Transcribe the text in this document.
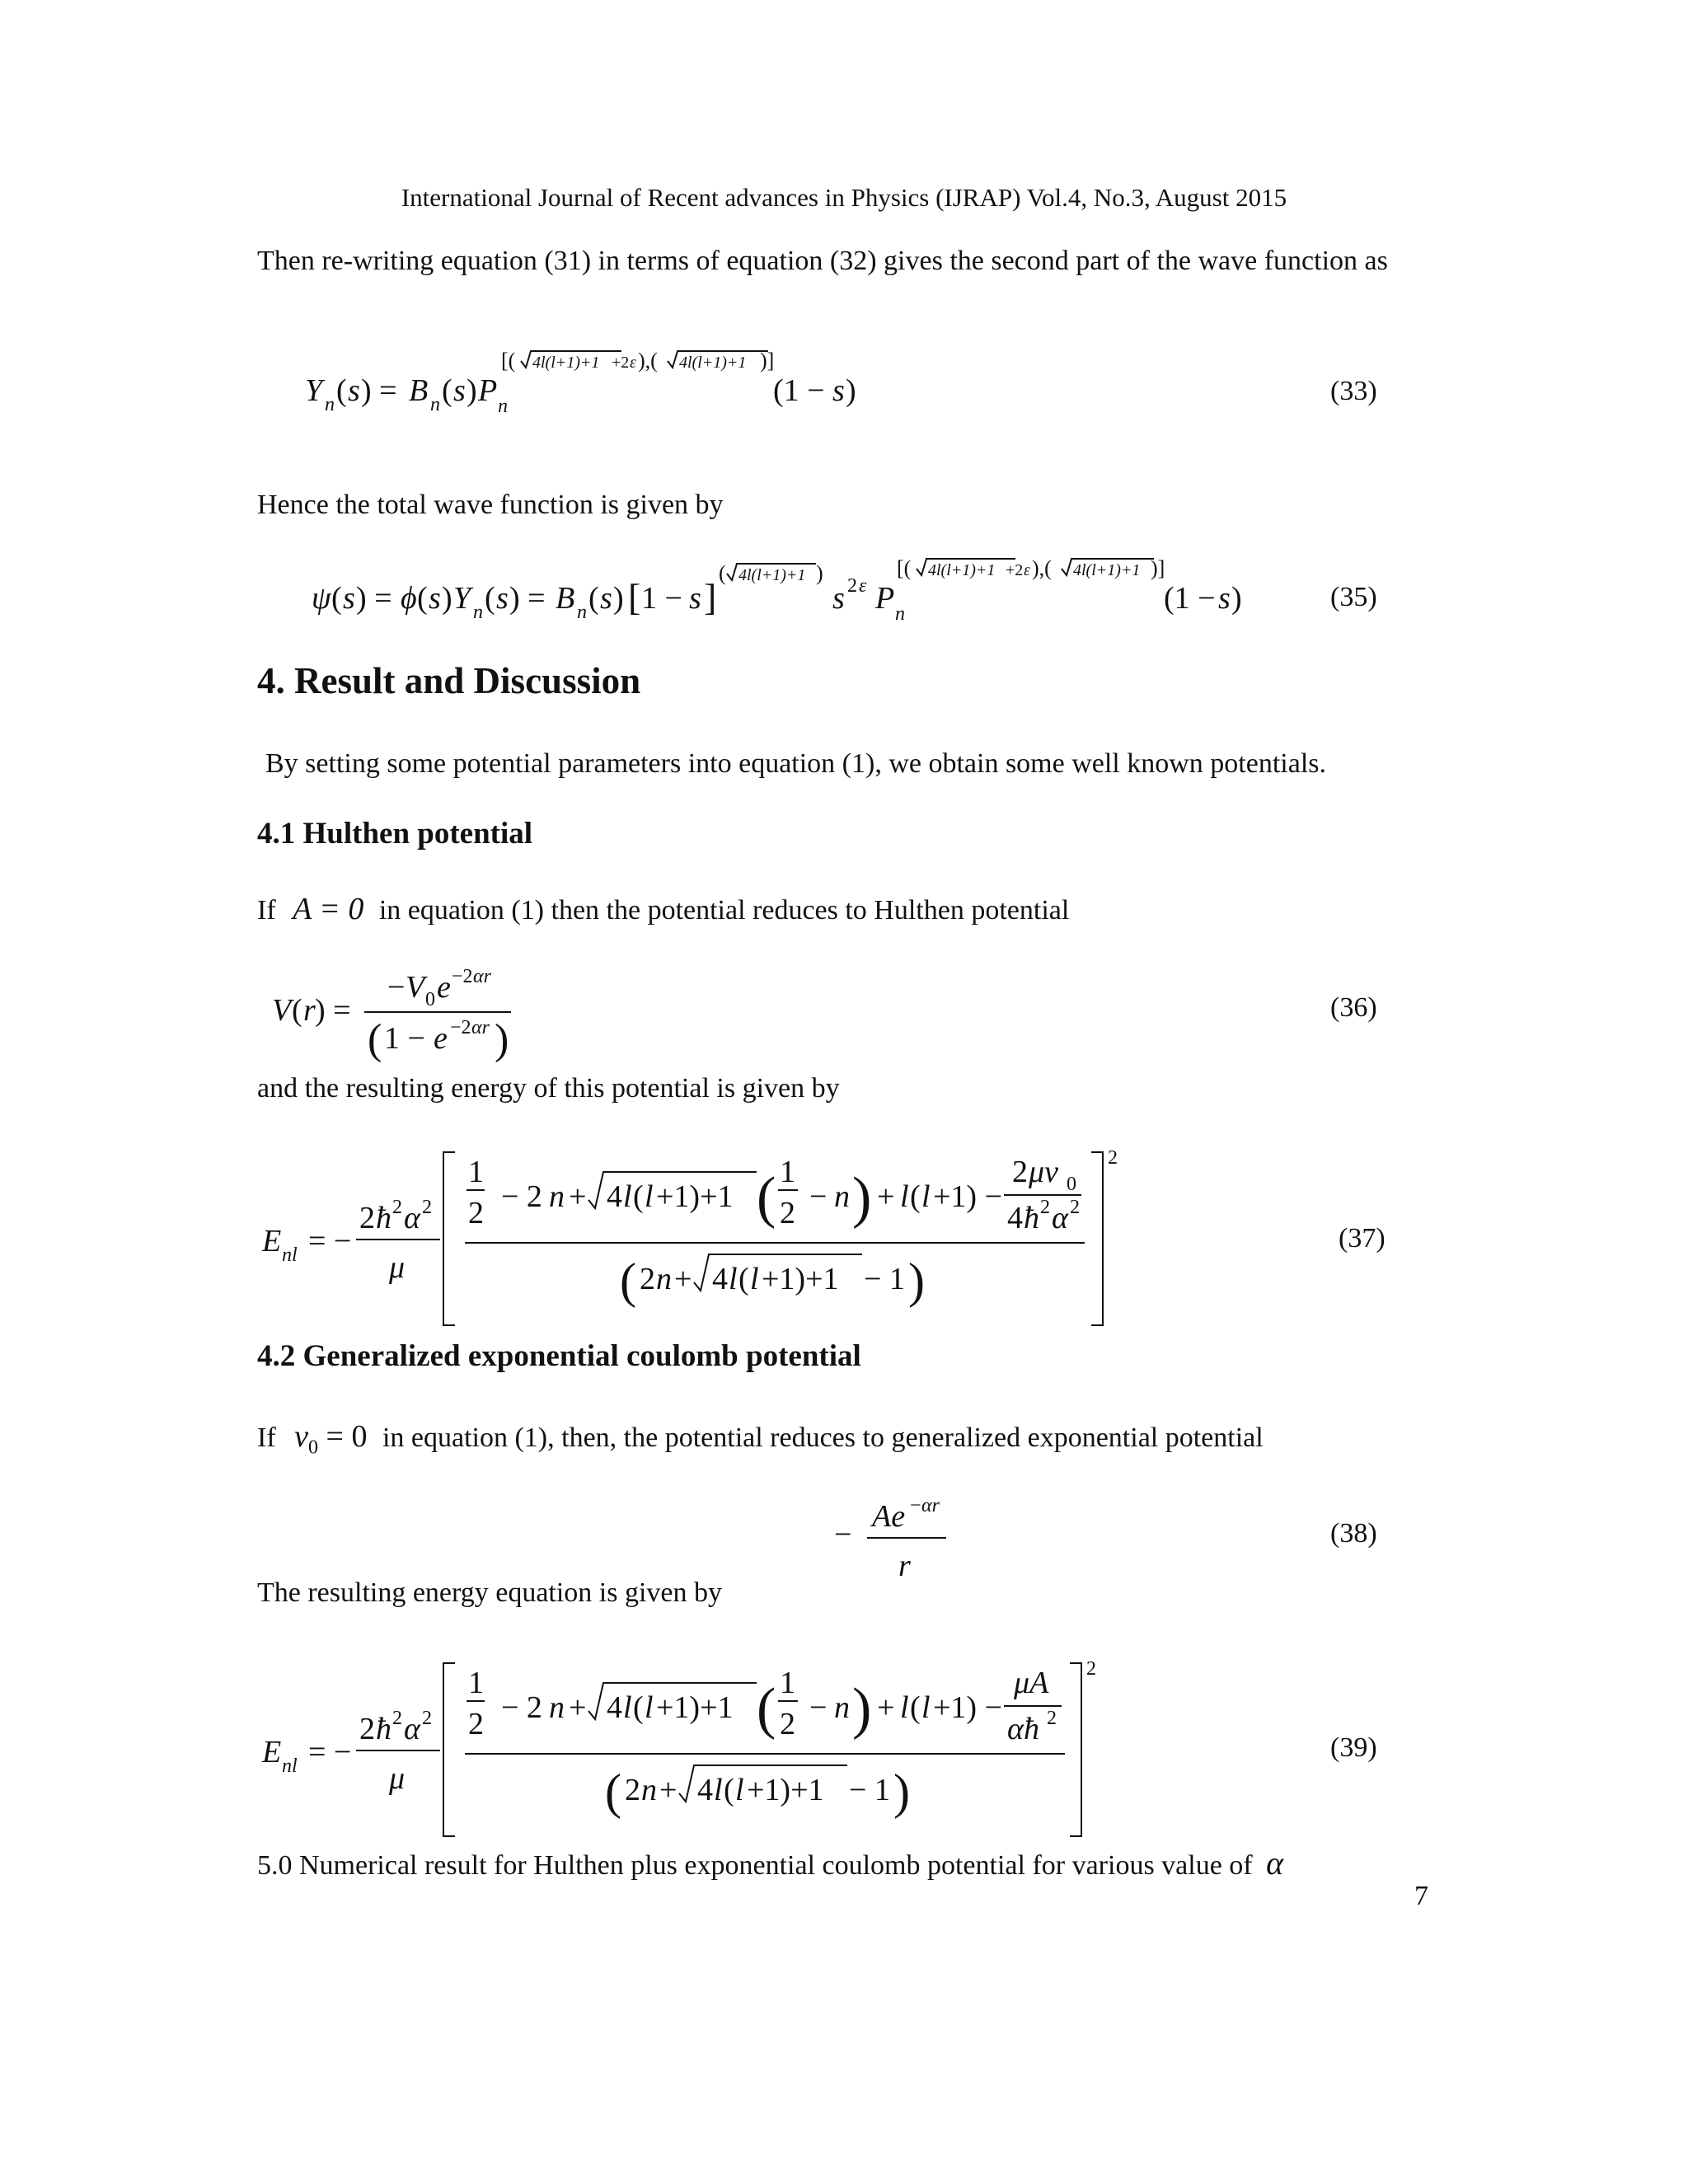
International Journal of Recent advances in Physics (IJRAP) Vol.4, No.3, August 2015
Then re-writing equation (31) in terms of equation (32) gives the second part of the wave function as
Y n ( s ) = B n ( s ) P n
[( 4l(l+1)+1 +2 ε ),( 4l(l+1)+1 )]
(1 − s )	(33)
Hence the total wave function is given by
ψ ( s ) = ϕ ( s ) Y n ( s ) = B n ( s ) [ 1 − s ]
( 4l(l+1)+1 )
s 2 ε P n
[( 4l(l+1)+1 +2 ε ),( 4l(l+1)+1 )]
(1 − s )	(35)
4. Result and Discussion
By setting some potential parameters into equation (1), we obtain some well known potentials.
4.1 Hulthen potential
If A = 0 in equation (1) then the potential reduces to Hulthen potential
V ( r ) =
− V 0 e −2 αr
( 1 − e −2 αr )
(36)
and the resulting energy of this potential is given by
E nl = −
2 ħ 2 α 2
μ
1
2 − 2 n + 4 l ( l +1)+1 ( 1
2 − n ) + l ( l +1) −
2 μv 0
4 ħ 2 α 2
( 2 n + 4 l ( l +1)+1 − 1 )
2
(37)
4.2 Generalized exponential coulomb potential
If $v_0 = 0$ in equation (1), then, the potential reduces to generalized exponential potential
−
Ae − αr
r
(38)
The resulting energy equation is given by
E nl = −
2 ħ 2 α 2
μ
1
2 − 2 n + 4 l ( l +1)+1 ( 1
2 − n ) + l ( l +1) −
μA
αħ 2
( 2 n + 4 l ( l +1)+1 − 1 )
2
(39)
5.0 Numerical result for Hulthen plus exponential coulomb potential for various value of α
7
